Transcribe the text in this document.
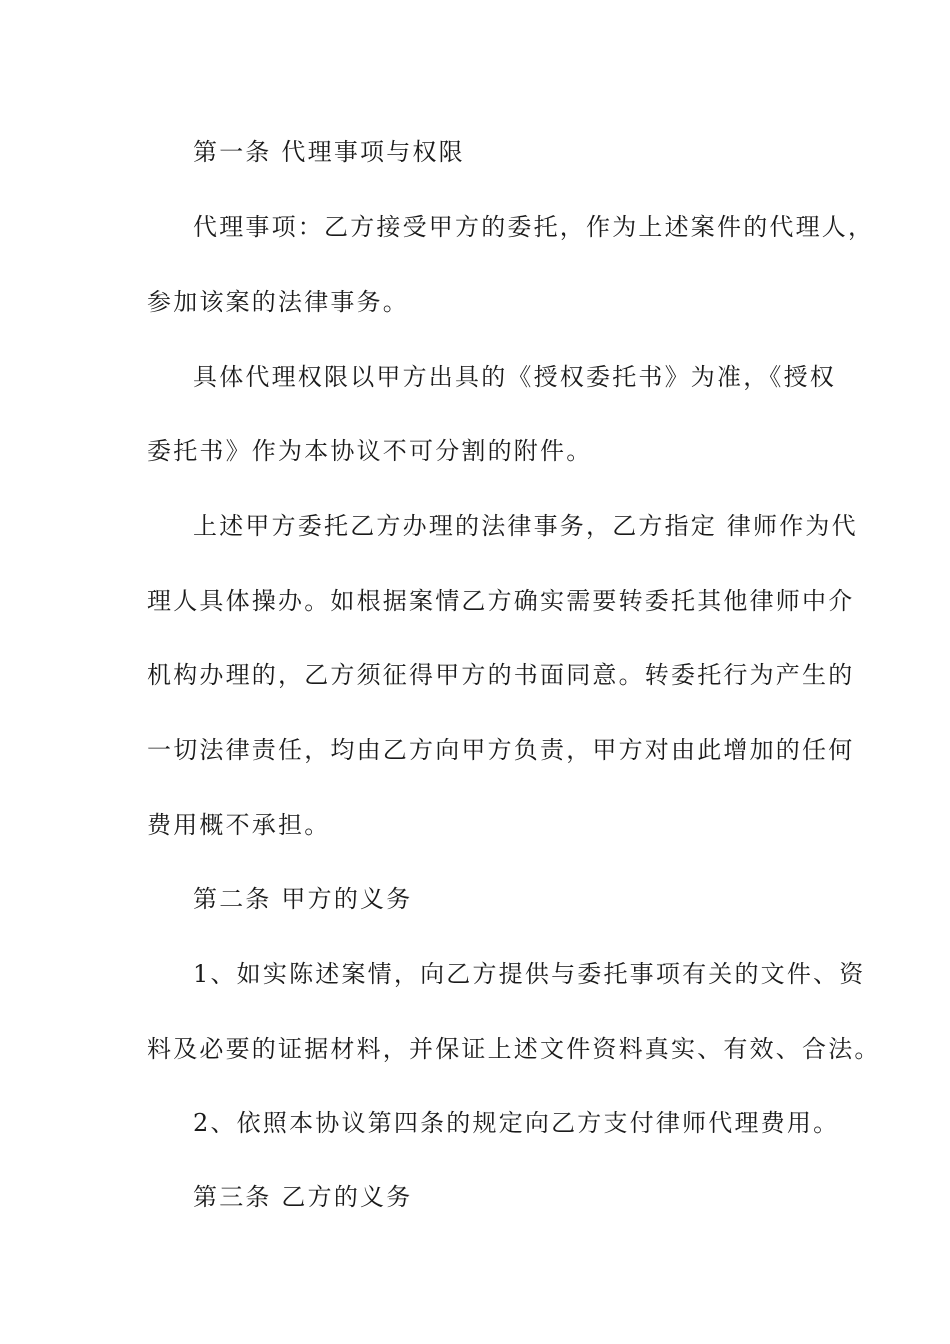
第一条 代理事项与权限
代理事项：乙方接受甲方的委托，作为上述案件的代理人，
参加该案的法律事务。
具体代理权限以甲方出具的《授权委托书》为准，《授权
委托书》作为本协议不可分割的附件。
上述甲方委托乙方办理的法律事务，乙方指定 律师作为代
理人具体操办。如根据案情乙方确实需要转委托其他律师中介
机构办理的，乙方须征得甲方的书面同意。转委托行为产生的
一切法律责任，均由乙方向甲方负责，甲方对由此增加的任何
费用概不承担。
第二条 甲方的义务
1、如实陈述案情，向乙方提供与委托事项有关的文件、资
料及必要的证据材料，并保证上述文件资料真实、有效、合法。
2、依照本协议第四条的规定向乙方支付律师代理费用。
第三条 乙方的义务
